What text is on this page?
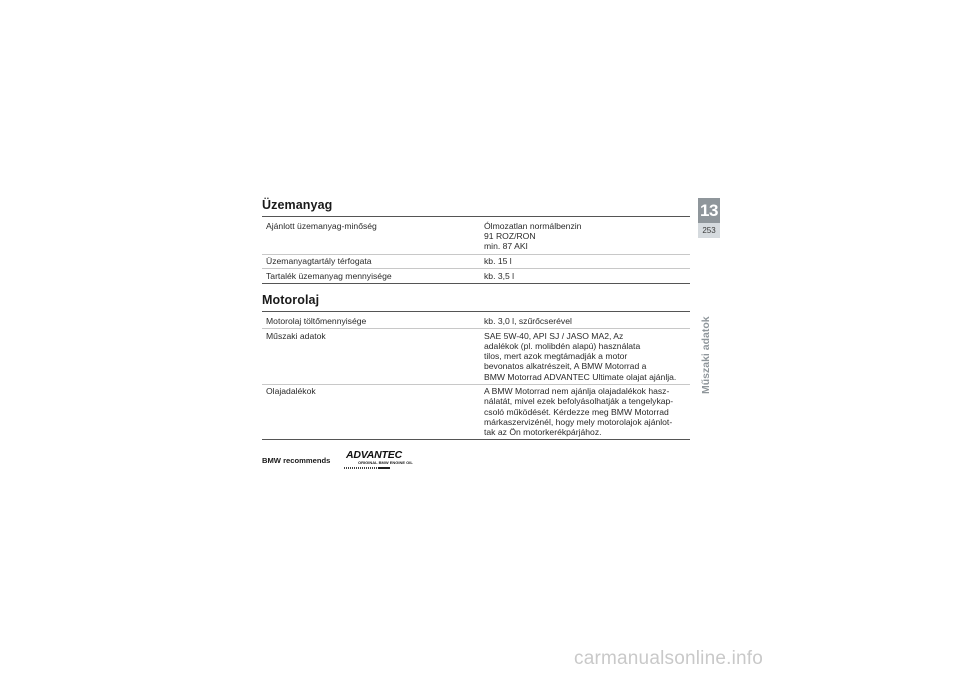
Üzemanyag
Ajánlott üzemanyag-minőség	Ólmozatlan normálbenzin
91 ROZ/RON
min. 87 AKI
Üzemanyagtartály térfogata	kb. 15 l
Tartalék üzemanyag mennyisége	kb. 3,5 l
Motorolaj
Motorolaj töltőmennyisége	kb. 3,0 l, szűrőcserével
Műszaki adatok	SAE 5W-40, API SJ / JASO MA2, Az
adalékok (pl. molibdén alapú) használata
tilos, mert azok megtámadják a motor
bevonatos alkatrészeit, A BMW Motorrad a
BMW Motorrad ADVANTEC Ultimate olajat ajánlja.
Olajadalékok	A BMW Motorrad nem ajánlja olajadalékok hasz-
nálatát, mivel ezek befolyásolhatják a tengelykap-
csoló működését. Kérdezze meg BMW Motorrad
márkaszervizénél, hogy mely motorolajok ajánlot-
tak az Ön motorkerékpárjához.
BMW recommends ADVANTEC
ORIGINAL BMW ENGINE OIL
13
253
Műszaki adatok
carmanualsonline.info
